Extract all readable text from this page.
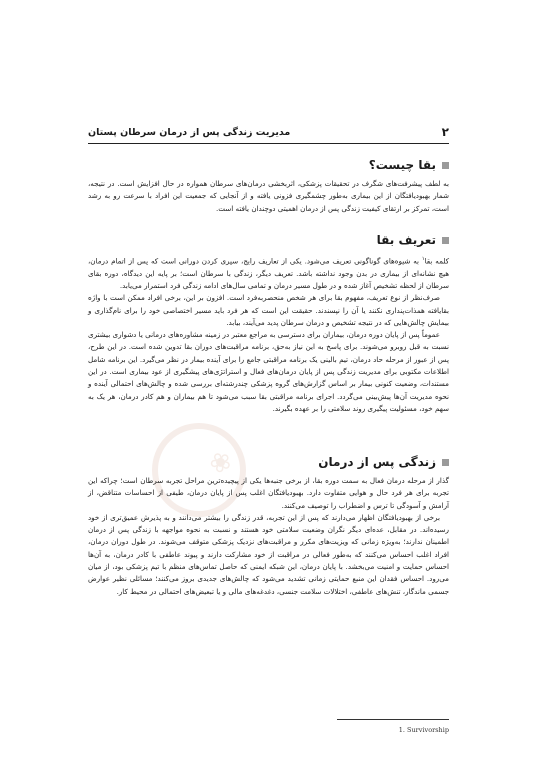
۲
مدیریت زندگی پس از درمان سرطان پستان
بقا چیست؟

به لطف پیشرفت‌های شگرف در تحقیقات پزشکی، اثربخشی درمان‌های سرطان همواره در حال افزایش است. در نتیجه، شمار بهبودیافتگان از این بیماری به‌طور چشمگیری فزونی یافته و از آنجایی که جمعیت این افراد با سرعت رو به رشد است، تمرکز بر ارتقای کیفیت زندگی پس از درمان اهمیتی دوچندان یافته است.

تعریف بقا

کلمه بقا$^۱$ به شیوه‌های گوناگونی تعریف می‌شود. یکی از تعاریف رایج، سپری کردن دورانی است که پس از اتمام درمان، هیچ نشانه‌ای از بیماری در بدن وجود نداشته باشد. تعریف دیگر، زندگی با سرطان است؛ بر پایه این دیدگاه، دوره بقای سرطان از لحظه تشخیص آغاز شده و در طول مسیر درمان و تمامی سال‌های ادامه زندگی فرد استمرار می‌یابد.

صرف‌نظر از نوع تعریف، مفهوم بقا برای هر شخص منحصربه‌فرد است. افزون بر این، برخی افراد ممکن است با واژه بقایافته همذات‌پنداری نکنند یا آن را نپسندند. حقیقت این است که هر فرد باید مسیر اختصاصی خود را برای نام‌گذاری و بیمایش چالش‌هایی که در نتیجه تشخیص و درمان سرطان پدید می‌آیند، بیابد.

عموماً پس از پایان دوره درمان، بیماران برای دسترسی به مراجع معتبر در زمینه مشاوره‌های درمانی یا دشواری بیشتری نسبت به قبل روبرو می‌شوند. برای پاسخ به این نیاز به‌حق، برنامه مراقبت‌های دوران بقا تدوین شده است. در این طرح، پس از عبور از مرحله حاد درمان، تیم بالینی یک برنامه مراقبتی جامع را برای آینده بیمار در نظر می‌گیرد. این برنامه شامل اطلاعات مکتوبی برای مدیریت زندگی پس از پایان درمان‌های فعال و استراتژی‌های پیشگیری از عود بیماری است. در این مستندات، وضعیت کنونی بیمار بر اساس گزارش‌های گروه پزشکی چندرشته‌ای بررسی شده و چالش‌های احتمالی آینده و نحوه مدیریت آن‌ها پیش‌بینی می‌گردد. اجرای برنامه مراقبتی بقا سبب می‌شود تا هم بیماران و هم کادر درمان، هر یک به سهم خود، مسئولیت پیگیری روند سلامتی را بر عهده بگیرند.

❀	زندگی پس از درمان

گذار از مرحله درمان فعال به سمت دوره بقا، از برخی جنبه‌ها یکی از پیچیده‌ترین مراحل تجربه سرطان است؛ چراکه این تجربه برای هر فرد حال و هوایی متفاوت دارد. بهبودیافتگان اغلب پس از پایان درمان، طیفی از احساسات متناقض، از آرامش و آسودگی تا ترس و اضطراب را توصیف می‌کنند.

برخی از بهبودیافتگان اظهار می‌دارند که پس از این تجربه، قدر زندگی را بیشتر می‌دانند و به پذیرش عمیق‌تری از خود رسیده‌اند. در مقابل، عده‌ای دیگر نگران وضعیت سلامتی خود هستند و نسبت به نحوه مواجهه با زندگی پس از درمان اطمینان ندارند؛ به‌ویژه زمانی که ویزیت‌های مکرر و مراقبت‌های نزدیک پزشکی متوقف می‌شوند. در طول دوران درمان، افراد اغلب احساس می‌کنند که به‌طور فعالی در مراقبت از خود مشارکت دارند و پیوند عاطفی با کادر درمان، به آن‌ها احساس حمایت و امنیت می‌بخشد. با پایان درمان، این شبکه ایمنی که حاصل تماس‌های منظم با تیم پزشکی بود، از میان می‌رود. احساس فقدان این منبع حمایتی زمانی تشدید می‌شود که چالش‌های جدیدی بروز می‌کنند؛ مسائلی نظیر عوارض جسمی ماندگار، تنش‌های عاطفی، اختلالات سلامت جنسی، دغدغه‌های مالی و یا تبعیض‌های احتمالی در محیط کار.

1. Survivorship
